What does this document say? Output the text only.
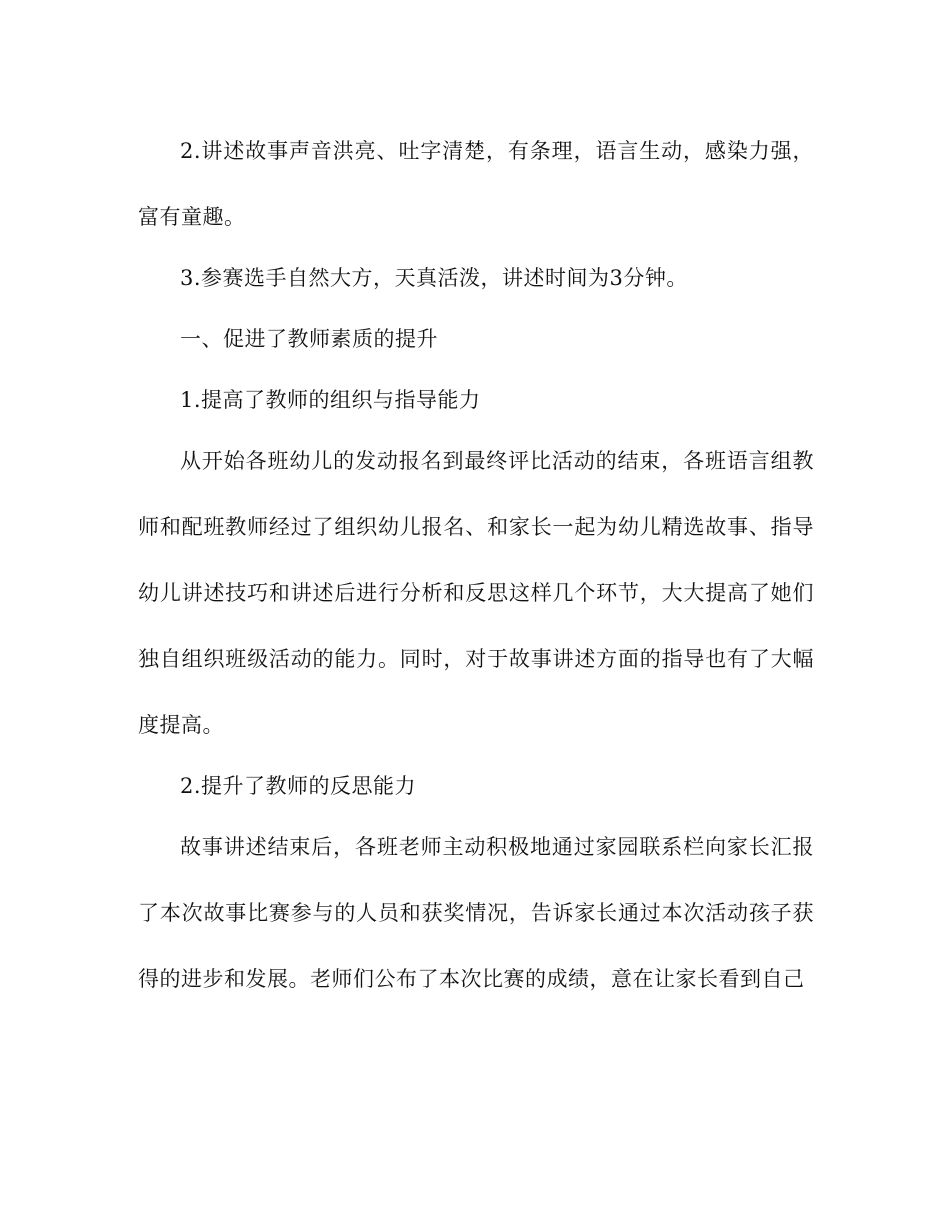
2.讲述故事声音洪亮、吐字清楚，有条理，语言生动，感染力强，富有童趣。

3.参赛选手自然大方，天真活泼，讲述时间为3分钟。

一、促进了教师素质的提升

1.提高了教师的组织与指导能力

从开始各班幼儿的发动报名到最终评比活动的结束，各班语言组教师和配班教师经过了组织幼儿报名、和家长一起为幼儿精选故事、指导幼儿讲述技巧和讲述后进行分析和反思这样几个环节，大大提高了她们独自组织班级活动的能力。同时，对于故事讲述方面的指导也有了大幅度提高。

2.提升了教师的反思能力

故事讲述结束后，各班老师主动积极地通过家园联系栏向家长汇报了本次故事比赛参与的人员和获奖情况，告诉家长通过本次活动孩子获得的进步和发展。老师们公布了本次比赛的成绩，意在让家长看到自己
